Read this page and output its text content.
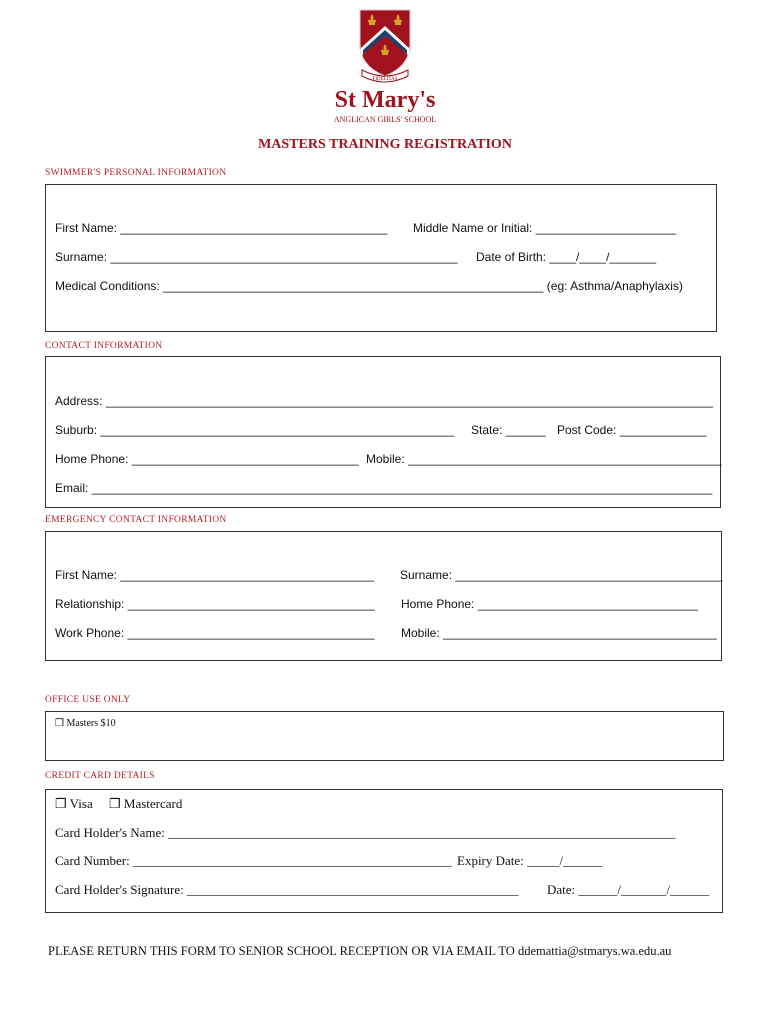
FIDELITAS
St Mary's
ANGLICAN GIRLS' SCHOOL
MASTERS TRAINING REGISTRATION
SWIMMER'S PERSONAL INFORMATION
First Name: ________________________________________ Middle Name or Initial: _____________________
Surname: ____________________________________________________ Date of Birth: ____/____/_______
Medical Conditions: _________________________________________________________ (eg: Asthma/Anaphylaxis)
CONTACT INFORMATION
Address: ___________________________________________________________________________________________
Suburb: _____________________________________________________ State: ______ Post Code: _____________
Home Phone: __________________________________ Mobile: _______________________________________________
Email: _____________________________________________________________________________________________
EMERGENCY CONTACT INFORMATION
First Name: ______________________________________ Surname: ________________________________________
Relationship: _____________________________________ Home Phone: _________________________________
Work Phone: _____________________________________ Mobile: _________________________________________
OFFICE USE ONLY
❒ Masters $10
CREDIT CARD DETAILS
❒ Visa ❒ Mastercard
Card Holder's Name: ______________________________________________________________________________
Card Number: _________________________________________________ Expiry Date: _____/______
Card Holder's Signature: ___________________________________________________ Date: ______/_______/______
PLEASE RETURN THIS FORM TO SENIOR SCHOOL RECEPTION OR VIA EMAIL TO ddemattia@stmarys.wa.edu.au
